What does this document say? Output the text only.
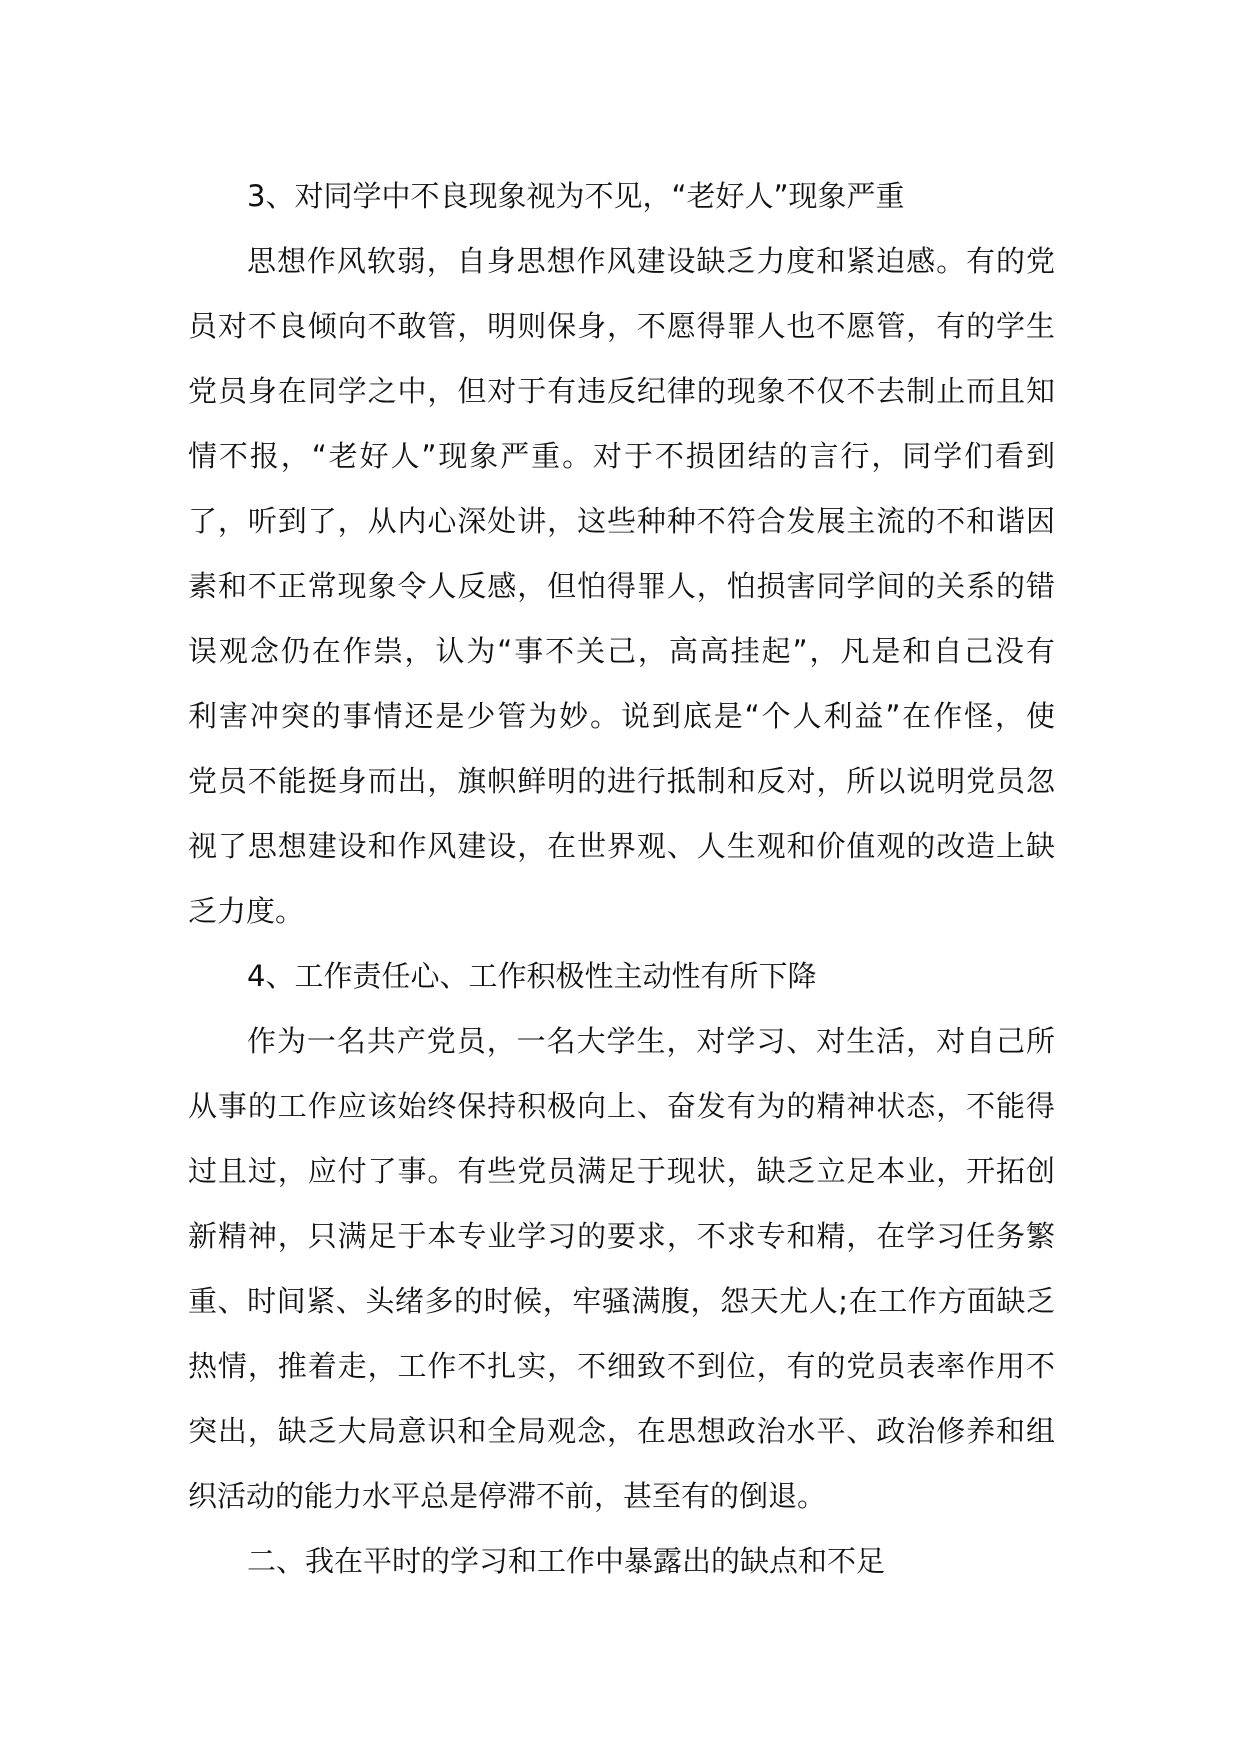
3、对同学中不良现象视为不见，“老好人”现象严重
思想作风软弱，自身思想作风建设缺乏力度和紧迫感。有的党
员对不良倾向不敢管，明则保身，不愿得罪人也不愿管，有的学生
党员身在同学之中，但对于有违反纪律的现象不仅不去制止而且知
情不报，“老好人”现象严重。对于不损团结的言行，同学们看到
了，听到了，从内心深处讲，这些种种不符合发展主流的不和谐因
素和不正常现象令人反感，但怕得罪人，怕损害同学间的关系的错
误观念仍在作祟，认为“事不关己，高高挂起”，凡是和自己没有
利害冲突的事情还是少管为妙。说到底是“个人利益”在作怪，使
党员不能挺身而出，旗帜鲜明的进行抵制和反对，所以说明党员忽
视了思想建设和作风建设，在世界观、人生观和价值观的改造上缺
乏力度。
4、工作责任心、工作积极性主动性有所下降
作为一名共产党员，一名大学生，对学习、对生活，对自己所
从事的工作应该始终保持积极向上、奋发有为的精神状态，不能得
过且过，应付了事。有些党员满足于现状，缺乏立足本业，开拓创
新精神，只满足于本专业学习的要求，不求专和精，在学习任务繁
重、时间紧、头绪多的时候，牢骚满腹，怨天尤人;在工作方面缺乏
热情，推着走，工作不扎实，不细致不到位，有的党员表率作用不
突出，缺乏大局意识和全局观念，在思想政治水平、政治修养和组
织活动的能力水平总是停滞不前，甚至有的倒退。
二、我在平时的学习和工作中暴露出的缺点和不足
